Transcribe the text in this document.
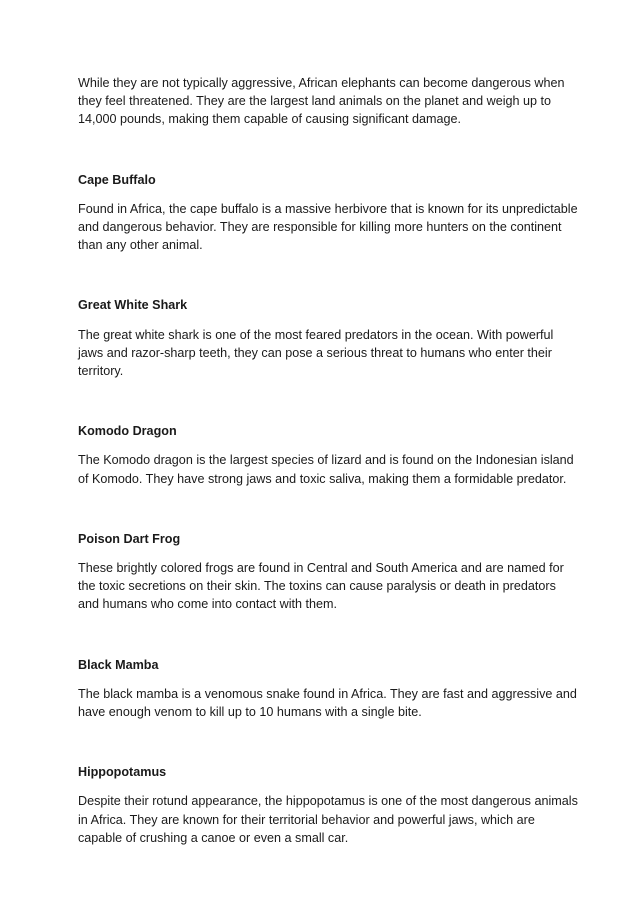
While they are not typically aggressive, African elephants can become dangerous when they feel threatened. They are the largest land animals on the planet and weigh up to 14,000 pounds, making them capable of causing significant damage.

Cape Buffalo

Found in Africa, the cape buffalo is a massive herbivore that is known for its unpredictable and dangerous behavior. They are responsible for killing more hunters on the continent than any other animal.

Great White Shark

The great white shark is one of the most feared predators in the ocean. With powerful jaws and razor-sharp teeth, they can pose a serious threat to humans who enter their territory.

Komodo Dragon

The Komodo dragon is the largest species of lizard and is found on the Indonesian island of Komodo. They have strong jaws and toxic saliva, making them a formidable predator.

Poison Dart Frog

These brightly colored frogs are found in Central and South America and are named for the toxic secretions on their skin. The toxins can cause paralysis or death in predators and humans who come into contact with them.

Black Mamba

The black mamba is a venomous snake found in Africa. They are fast and aggressive and have enough venom to kill up to 10 humans with a single bite.

Hippopotamus

Despite their rotund appearance, the hippopotamus is one of the most dangerous animals in Africa. They are known for their territorial behavior and powerful jaws, which are capable of crushing a canoe or even a small car.
